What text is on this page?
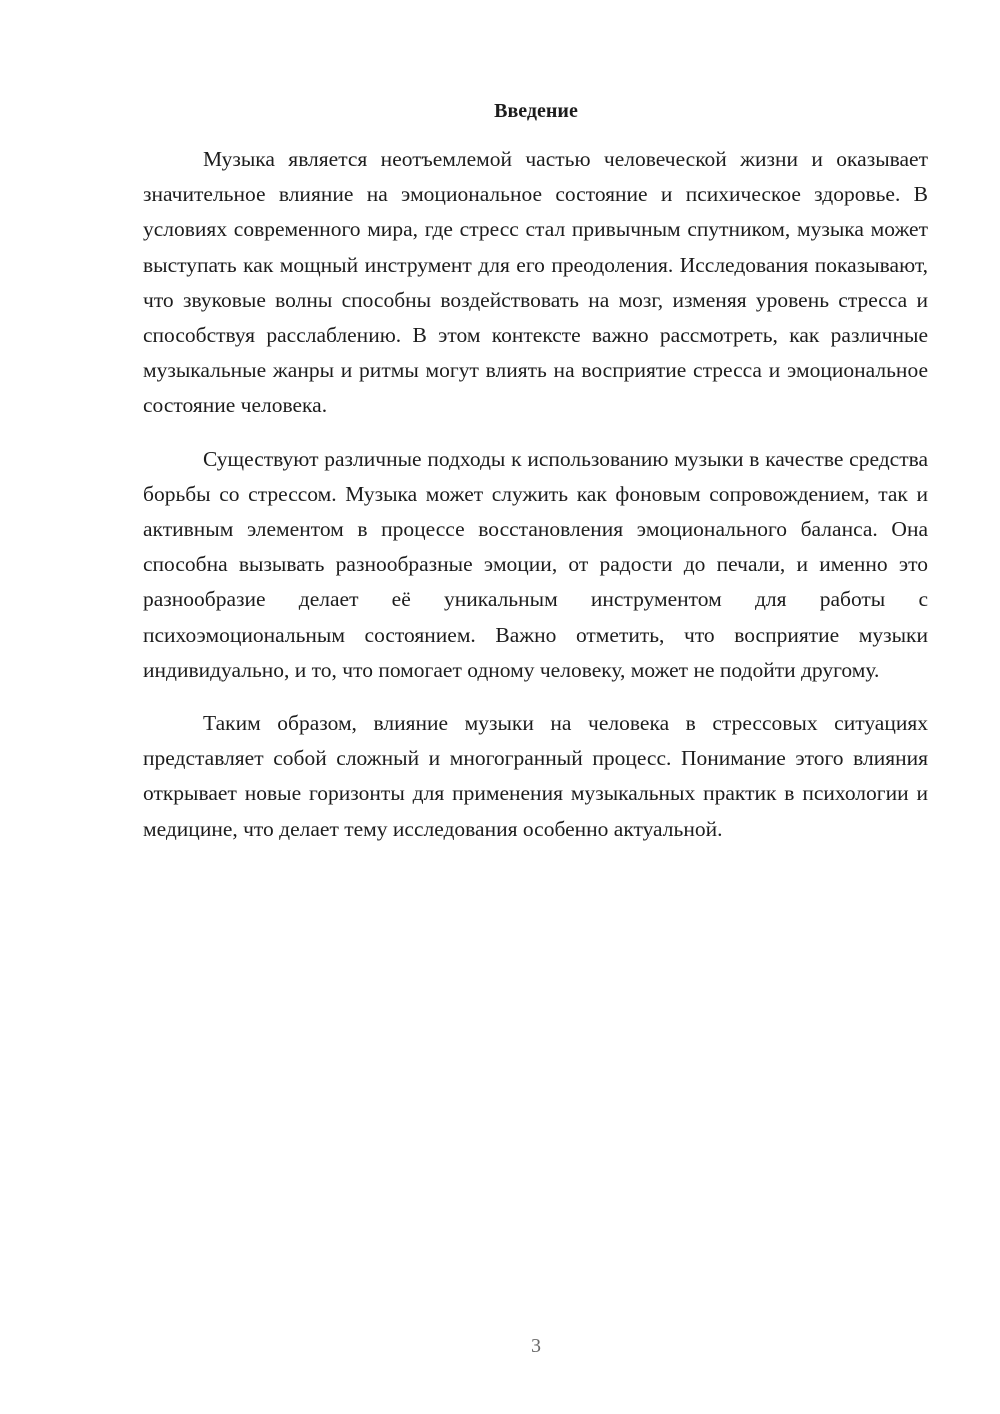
Введение

Музыка является неотъемлемой частью человеческой жизни и оказывает значительное влияние на эмоциональное состояние и психическое здоровье. В условиях современного мира, где стресс стал привычным спутником, музыка может выступать как мощный инструмент для его преодоления. Исследования показывают, что звуковые волны способны воздействовать на мозг, изменяя уровень стресса и способствуя расслаблению. В этом контексте важно рассмотреть, как различные музыкальные жанры и ритмы могут влиять на восприятие стресса и эмоциональное состояние человека.

Существуют различные подходы к использованию музыки в качестве средства борьбы со стрессом. Музыка может служить как фоновым сопровождением, так и активным элементом в процессе восстановления эмоционального баланса. Она способна вызывать разнообразные эмоции, от радости до печали, и именно это разнообразие делает её уникальным инструментом для работы с психоэмоциональным состоянием. Важно отметить, что восприятие музыки индивидуально, и то, что помогает одному человеку, может не подойти другому.

Таким образом, влияние музыки на человека в стрессовых ситуациях представляет собой сложный и многогранный процесс. Понимание этого влияния открывает новые горизонты для применения музыкальных практик в психологии и медицине, что делает тему исследования особенно актуальной.

3
